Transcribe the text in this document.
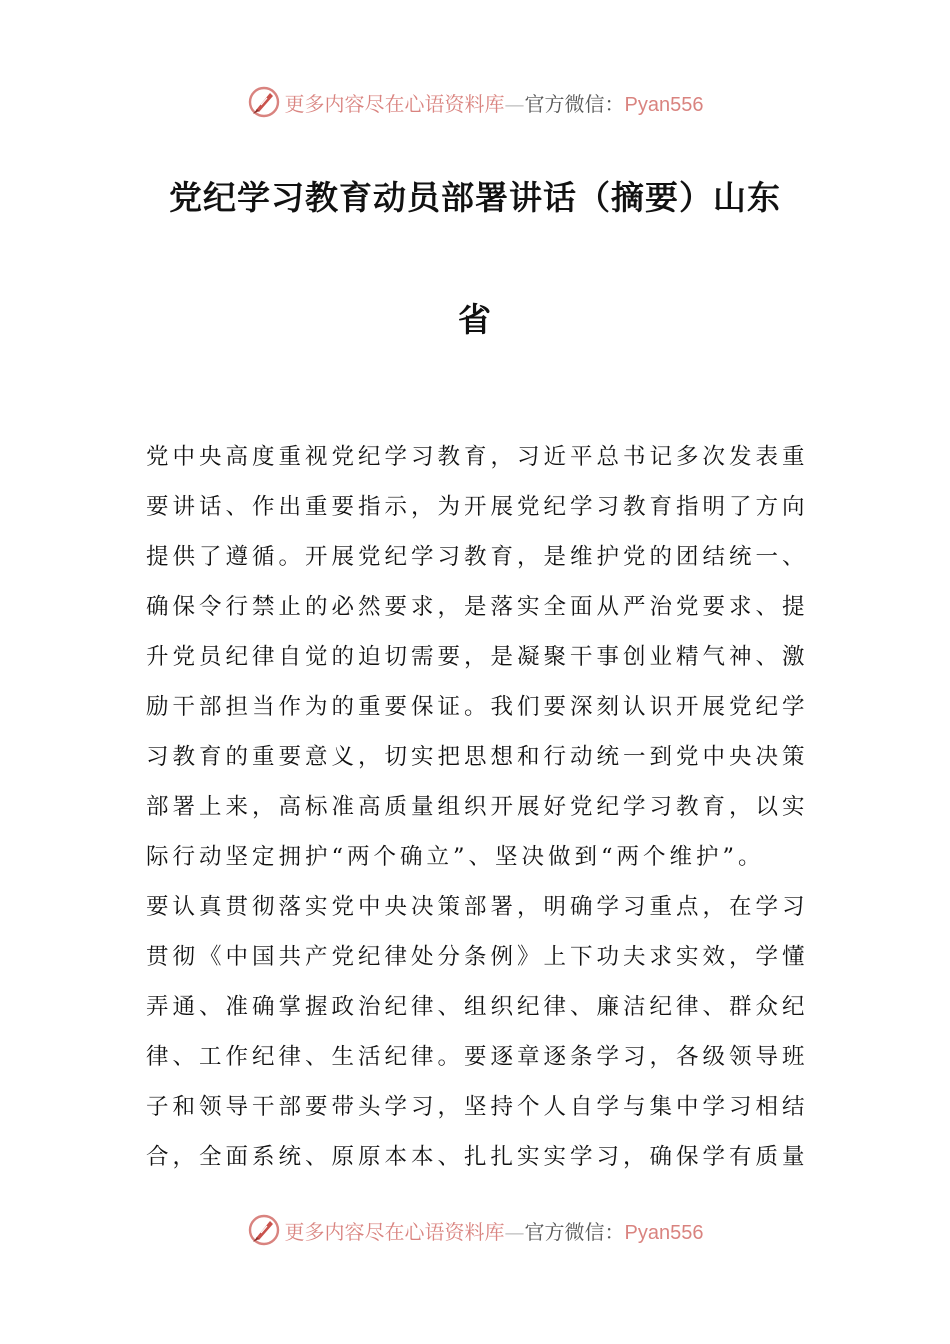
更多内容尽在心语资料库—官方微信：Pyan556
党纪学习教育动员部署讲话（摘要）山东
省
党中央高度重视党纪学习教育，习近平总书记多次发表重
要讲话、作出重要指示，为开展党纪学习教育指明了方向
提供了遵循。开展党纪学习教育，是维护党的团结统一、
确保令行禁止的必然要求，是落实全面从严治党要求、提
升党员纪律自觉的迫切需要，是凝聚干事创业精气神、激
励干部担当作为的重要保证。我们要深刻认识开展党纪学
习教育的重要意义，切实把思想和行动统一到党中央决策
部署上来，高标准高质量组织开展好党纪学习教育，以实
际行动坚定拥护“两个确立”、坚决做到“两个维护”。
要认真贯彻落实党中央决策部署，明确学习重点，在学习
贯彻《中国共产党纪律处分条例》上下功夫求实效，学懂
弄通、准确掌握政治纪律、组织纪律、廉洁纪律、群众纪
律、工作纪律、生活纪律。要逐章逐条学习，各级领导班
子和领导干部要带头学习，坚持个人自学与集中学习相结
合，全面系统、原原本本、扎扎实实学习，确保学有质量
更多内容尽在心语资料库—官方微信：Pyan556
